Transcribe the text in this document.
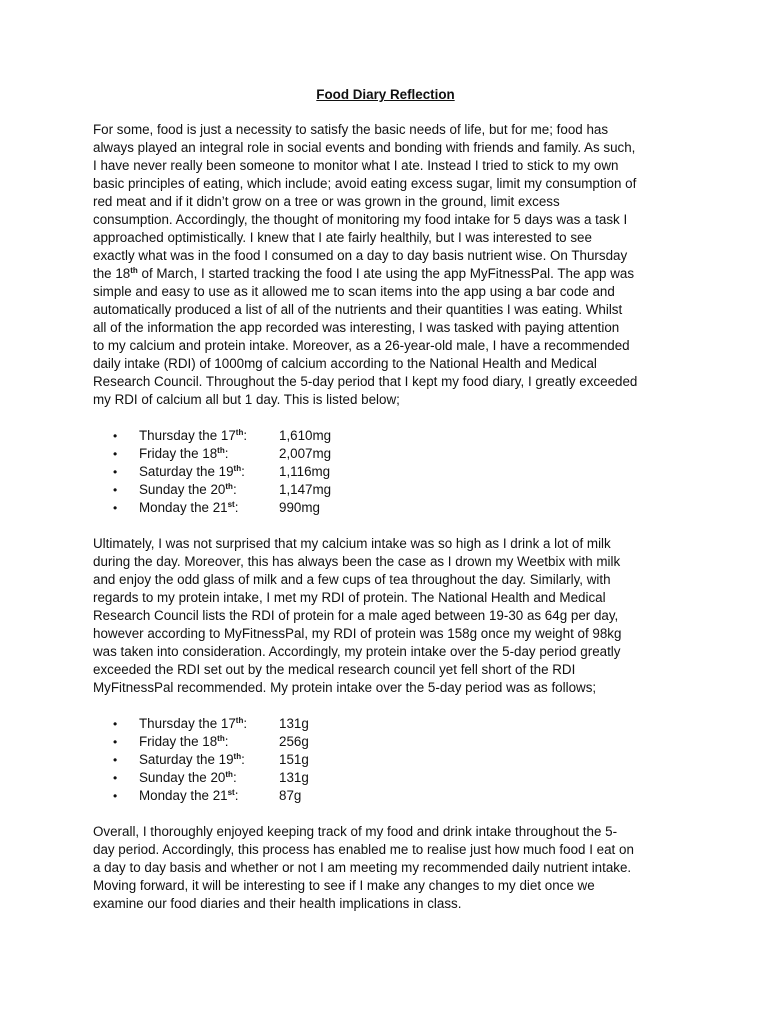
Food Diary Reflection

For some, food is just a necessity to satisfy the basic needs of life, but for me; food has
always played an integral role in social events and bonding with friends and family. As such,
I have never really been someone to monitor what I ate. Instead I tried to stick to my own
basic principles of eating, which include; avoid eating excess sugar, limit my consumption of
red meat and if it didn’t grow on a tree or was grown in the ground, limit excess
consumption. Accordingly, the thought of monitoring my food intake for 5 days was a task I
approached optimistically. I knew that I ate fairly healthily, but I was interested to see
exactly what was in the food I consumed on a day to day basis nutrient wise. On Thursday
the 18th of March, I started tracking the food I ate using the app MyFitnessPal. The app was
simple and easy to use as it allowed me to scan items into the app using a bar code and
automatically produced a list of all of the nutrients and their quantities I was eating. Whilst
all of the information the app recorded was interesting, I was tasked with paying attention
to my calcium and protein intake. Moreover, as a 26-year-old male, I have a recommended
daily intake (RDI) of 1000mg of calcium according to the National Health and Medical
Research Council. Throughout the 5-day period that I kept my food diary, I greatly exceeded
my RDI of calcium all but 1 day. This is listed below;

• Thursday the 17th: 1,610mg
• Friday the 18th:	2,007mg
• Saturday the 19th:	1,116mg
• Sunday the 20th:	1,147mg
• Monday the 21st:	990mg

Ultimately, I was not surprised that my calcium intake was so high as I drink a lot of milk
during the day. Moreover, this has always been the case as I drown my Weetbix with milk
and enjoy the odd glass of milk and a few cups of tea throughout the day. Similarly, with
regards to my protein intake, I met my RDI of protein. The National Health and Medical
Research Council lists the RDI of protein for a male aged between 19-30 as 64g per day,
however according to MyFitnessPal, my RDI of protein was 158g once my weight of 98kg
was taken into consideration. Accordingly, my protein intake over the 5-day period greatly
exceeded the RDI set out by the medical research council yet fell short of the RDI
MyFitnessPal recommended. My protein intake over the 5-day period was as follows;

• Thursday the 17th: 131g
• Friday the 18th:	256g
• Saturday the 19th:	151g
• Sunday the 20th:	131g
• Monday the 21st:	87g

Overall, I thoroughly enjoyed keeping track of my food and drink intake throughout the 5-
day period. Accordingly, this process has enabled me to realise just how much food I eat on
a day to day basis and whether or not I am meeting my recommended daily nutrient intake.
Moving forward, it will be interesting to see if I make any changes to my diet once we
examine our food diaries and their health implications in class.
